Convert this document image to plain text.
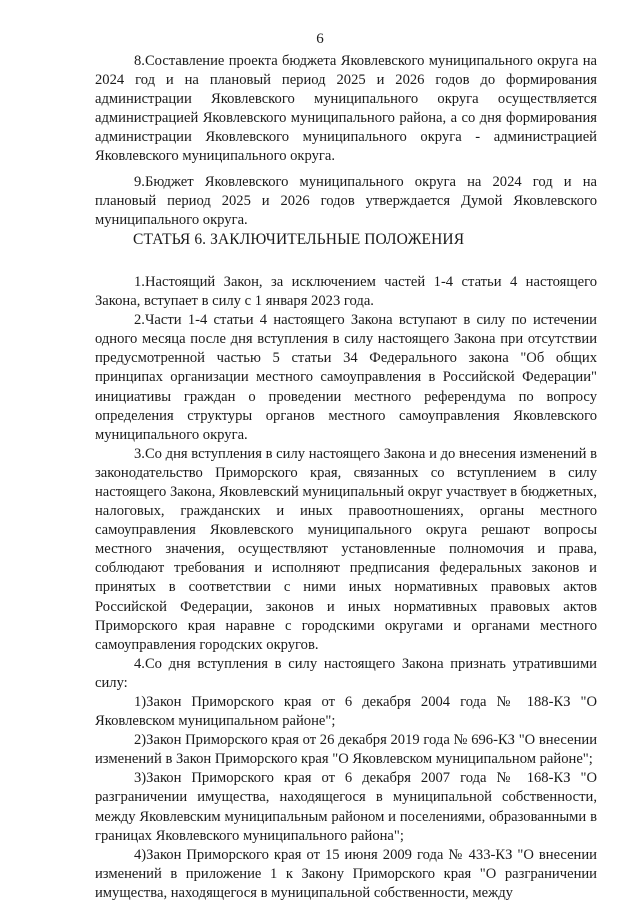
6

8.Составление проекта бюджета Яковлевского муниципального округа на 2024 год и на плановый период 2025 и 2026 годов до формирования администрации Яковлевского муниципального округа осуществляется администрацией Яковлевского муниципального района, а со дня формирования администрации Яковлевского муниципального округа - администрацией Яковлевского муниципального округа.

9.Бюджет Яковлевского муниципального округа на 2024 год и на плановый период 2025 и 2026 годов утверждается Думой Яковлевского муниципального округа.

СТАТЬЯ 6. ЗАКЛЮЧИТЕЛЬНЫЕ ПОЛОЖЕНИЯ

1.Настоящий Закон, за исключением частей 1-4 статьи 4 настоящего Закона, вступает в силу с 1 января 2023 года.

2.Части 1-4 статьи 4 настоящего Закона вступают в силу по истечении одного месяца после дня вступления в силу настоящего Закона при отсутствии предусмотренной частью 5 статьи 34 Федерального закона "Об общих принципах организации местного самоуправления в Российской Федерации" инициативы граждан о проведении местного референдума по вопросу определения структуры органов местного самоуправления Яковлевского муниципального округа.

3.Со дня вступления в силу настоящего Закона и до внесения изменений в законодательство Приморского края, связанных со вступлением в силу настоящего Закона, Яковлевский муниципальный округ участвует в бюджетных, налоговых, гражданских и иных правоотношениях, органы местного самоуправления Яковлевского муниципального округа решают вопросы местного значения, осуществляют установленные полномочия и права, соблюдают требования и исполняют предписания федеральных законов и принятых в соответствии с ними иных нормативных правовых актов Российской Федерации, законов и иных нормативных правовых актов Приморского края наравне с городскими округами и органами местного самоуправления городских округов.

4.Со дня вступления в силу настоящего Закона признать утратившими силу:

1)Закон Приморского края от 6 декабря 2004 года № 188-КЗ "О Яковлевском муниципальном районе";

2)Закон Приморского края от 26 декабря 2019 года № 696-КЗ "О внесении изменений в Закон Приморского края "О Яковлевском муниципальном районе";

3)Закон Приморского края от 6 декабря 2007 года № 168-КЗ "О разграничении имущества, находящегося в муниципальной собственности, между Яковлевским муниципальным районом и поселениями, образованными в границах Яковлевского муниципального района";

4)Закон Приморского края от 15 июня 2009 года № 433-КЗ "О внесении изменений в приложение 1 к Закону Приморского края "О разграничении имущества, находящегося в муниципальной собственности, между
